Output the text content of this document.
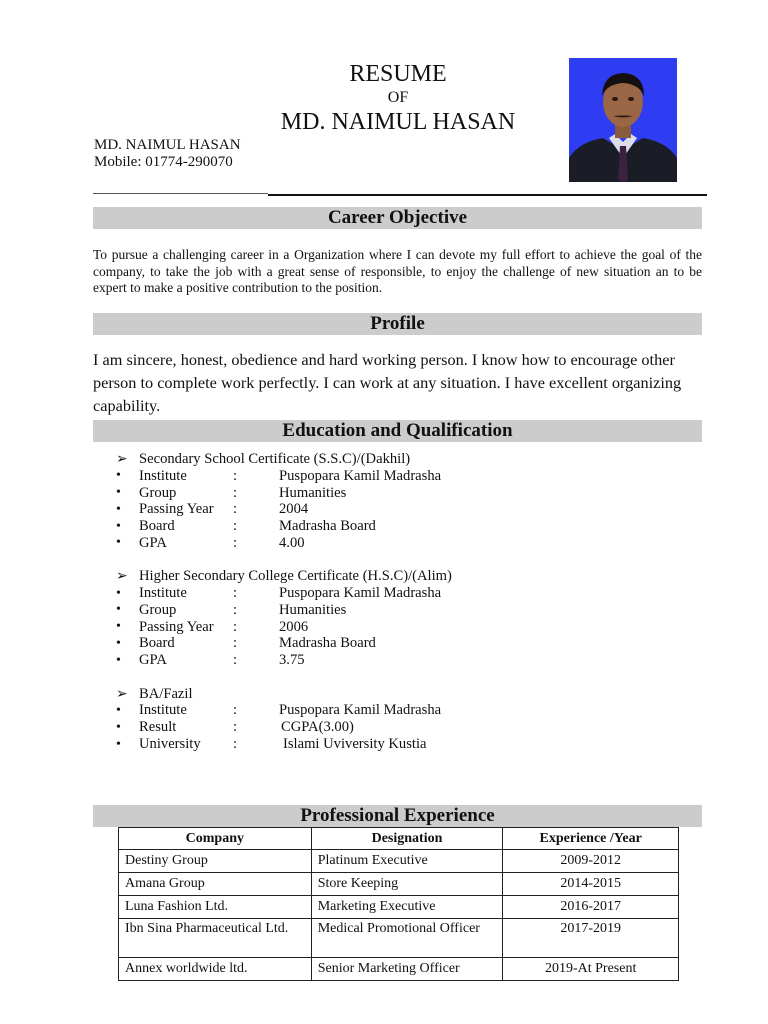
RESUME
OF
MD. NAIMUL HASAN
MD. NAIMUL HASAN
Mobile: 01774-290070
Career Objective
To pursue a challenging career in a Organization where I can devote my full effort to achieve the goal of the company, to take the job with a great sense of responsible, to enjoy the challenge of new situation an to be expert to make a positive contribution to the position.
Profile
I am sincere, honest, obedience and hard working person. I know how to encourage other person to complete work perfectly. I can work at any situation. I have excellent organizing capability.
Education and Qualification
➢ Secondary School Certificate (S.S.C)/(Dakhil)
•	Institute	:	Puspopara Kamil Madrasha
•	Group	:	Humanities
•	Passing Year	:	2004
•	Board	:	Madrasha Board
•	GPA	:	4.00
➢ Higher Secondary College Certificate (H.S.C)/(Alim)
•	Institute	:	Puspopara Kamil Madrasha
•	Group	:	Humanities
•	Passing Year	:	2006
•	Board	:	Madrasha Board
•	GPA	:	3.75
➢ BA/Fazil
•	Institute	:	Puspopara Kamil Madrasha
•	Result	:	CGPA(3.00)
•	University	:	Islami Uviversity Kustia
Professional Experience
Company	Designation	Experience /Year
Destiny Group	Platinum Executive	2009-2012
Amana Group	Store Keeping	2014-2015
Luna Fashion Ltd.	Marketing Executive	2016-2017
Ibn Sina Pharmaceutical Ltd.	Medical Promotional Officer	2017-2019
Annex worldwide ltd.	Senior Marketing Officer	2019-At Present
